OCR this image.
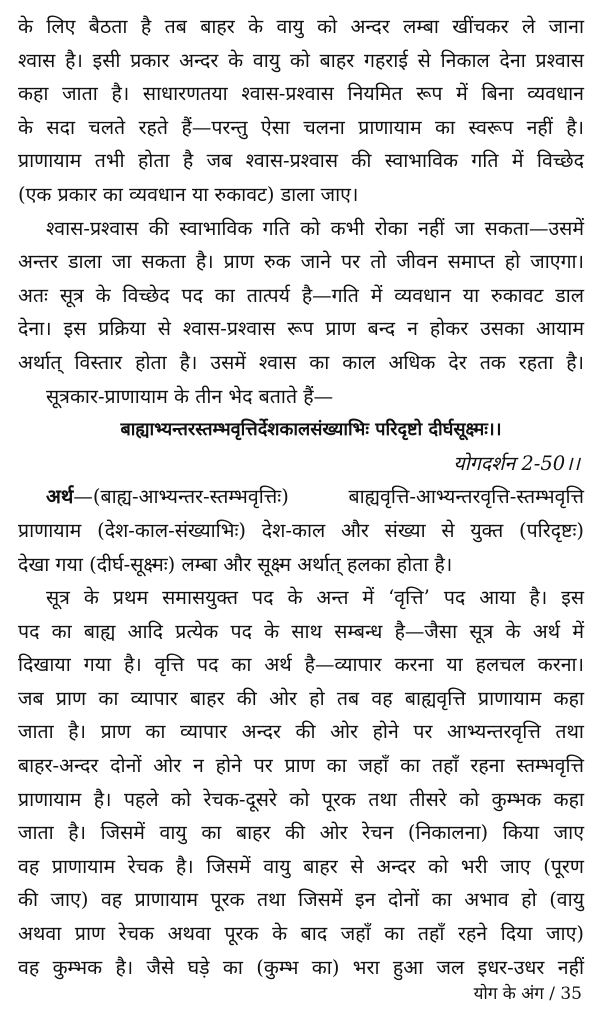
के लिए बैठता है तब बाहर के वायु को अन्दर लम्बा खींचकर ले जाना
श्वास है। इसी प्रकार अन्दर के वायु को बाहर गहराई से निकाल देना प्रश्वास
कहा जाता है। साधारणतया श्वास-प्रश्वास नियमित रूप में बिना व्यवधान
के सदा चलते रहते हैं—परन्तु ऐसा चलना प्राणायाम का स्वरूप नहीं है।
प्राणायाम तभी होता है जब श्वास-प्रश्वास की स्वाभाविक गति में विच्छेद
(एक प्रकार का व्यवधान या रुकावट) डाला जाए।
श्वास-प्रश्वास की स्वाभाविक गति को कभी रोका नहीं जा सकता—उसमें
अन्तर डाला जा सकता है। प्राण रुक जाने पर तो जीवन समाप्त हो जाएगा।
अतः सूत्र के विच्छेद पद का तात्पर्य है—गति में व्यवधान या रुकावट डाल
देना। इस प्रक्रिया से श्वास-प्रश्वास रूप प्राण बन्द न होकर उसका आयाम
अर्थात् विस्तार होता है। उसमें श्वास का काल अधिक देर तक रहता है।
सूत्रकार-प्राणायाम के तीन भेद बताते हैं—
बाह्याभ्यन्तरस्तम्भवृत्तिर्देशकालसंख्याभिः परिदृष्टो दीर्घसूक्ष्मः।।
योगदर्शन 2-50।।
अर्थ—(बाह्य-आभ्यन्तर-स्तम्भवृत्तिः) बाह्यवृत्ति-आभ्यन्तरवृत्ति-स्तम्भवृत्ति
प्राणायाम (देश-काल-संख्याभिः) देश-काल और संख्या से युक्त (परिदृष्टः)
देखा गया (दीर्घ-सूक्ष्मः) लम्बा और सूक्ष्म अर्थात् हलका होता है।
सूत्र के प्रथम समासयुक्त पद के अन्त में ‘वृत्ति’ पद आया है। इस
पद का बाह्य आदि प्रत्येक पद के साथ सम्बन्ध है—जैसा सूत्र के अर्थ में
दिखाया गया है। वृत्ति पद का अर्थ है—व्यापार करना या हलचल करना।
जब प्राण का व्यापार बाहर की ओर हो तब वह बाह्यवृत्ति प्राणायाम कहा
जाता है। प्राण का व्यापार अन्दर की ओर होने पर आभ्यन्तरवृत्ति तथा
बाहर-अन्दर दोनों ओर न होने पर प्राण का जहाँ का तहाँ रहना स्तम्भवृत्ति
प्राणायाम है। पहले को रेचक-दूसरे को पूरक तथा तीसरे को कुम्भक कहा
जाता है। जिसमें वायु का बाहर की ओर रेचन (निकालना) किया जाए
वह प्राणायाम रेचक है। जिसमें वायु बाहर से अन्दर को भरी जाए (पूरण
की जाए) वह प्राणायाम पूरक तथा जिसमें इन दोनों का अभाव हो (वायु
अथवा प्राण रेचक अथवा पूरक के बाद जहाँ का तहाँ रहने दिया जाए)
वह कुम्भक है। जैसे घड़े का (कुम्भ का) भरा हुआ जल इधर-उधर नहीं
योग के अंग / 35
